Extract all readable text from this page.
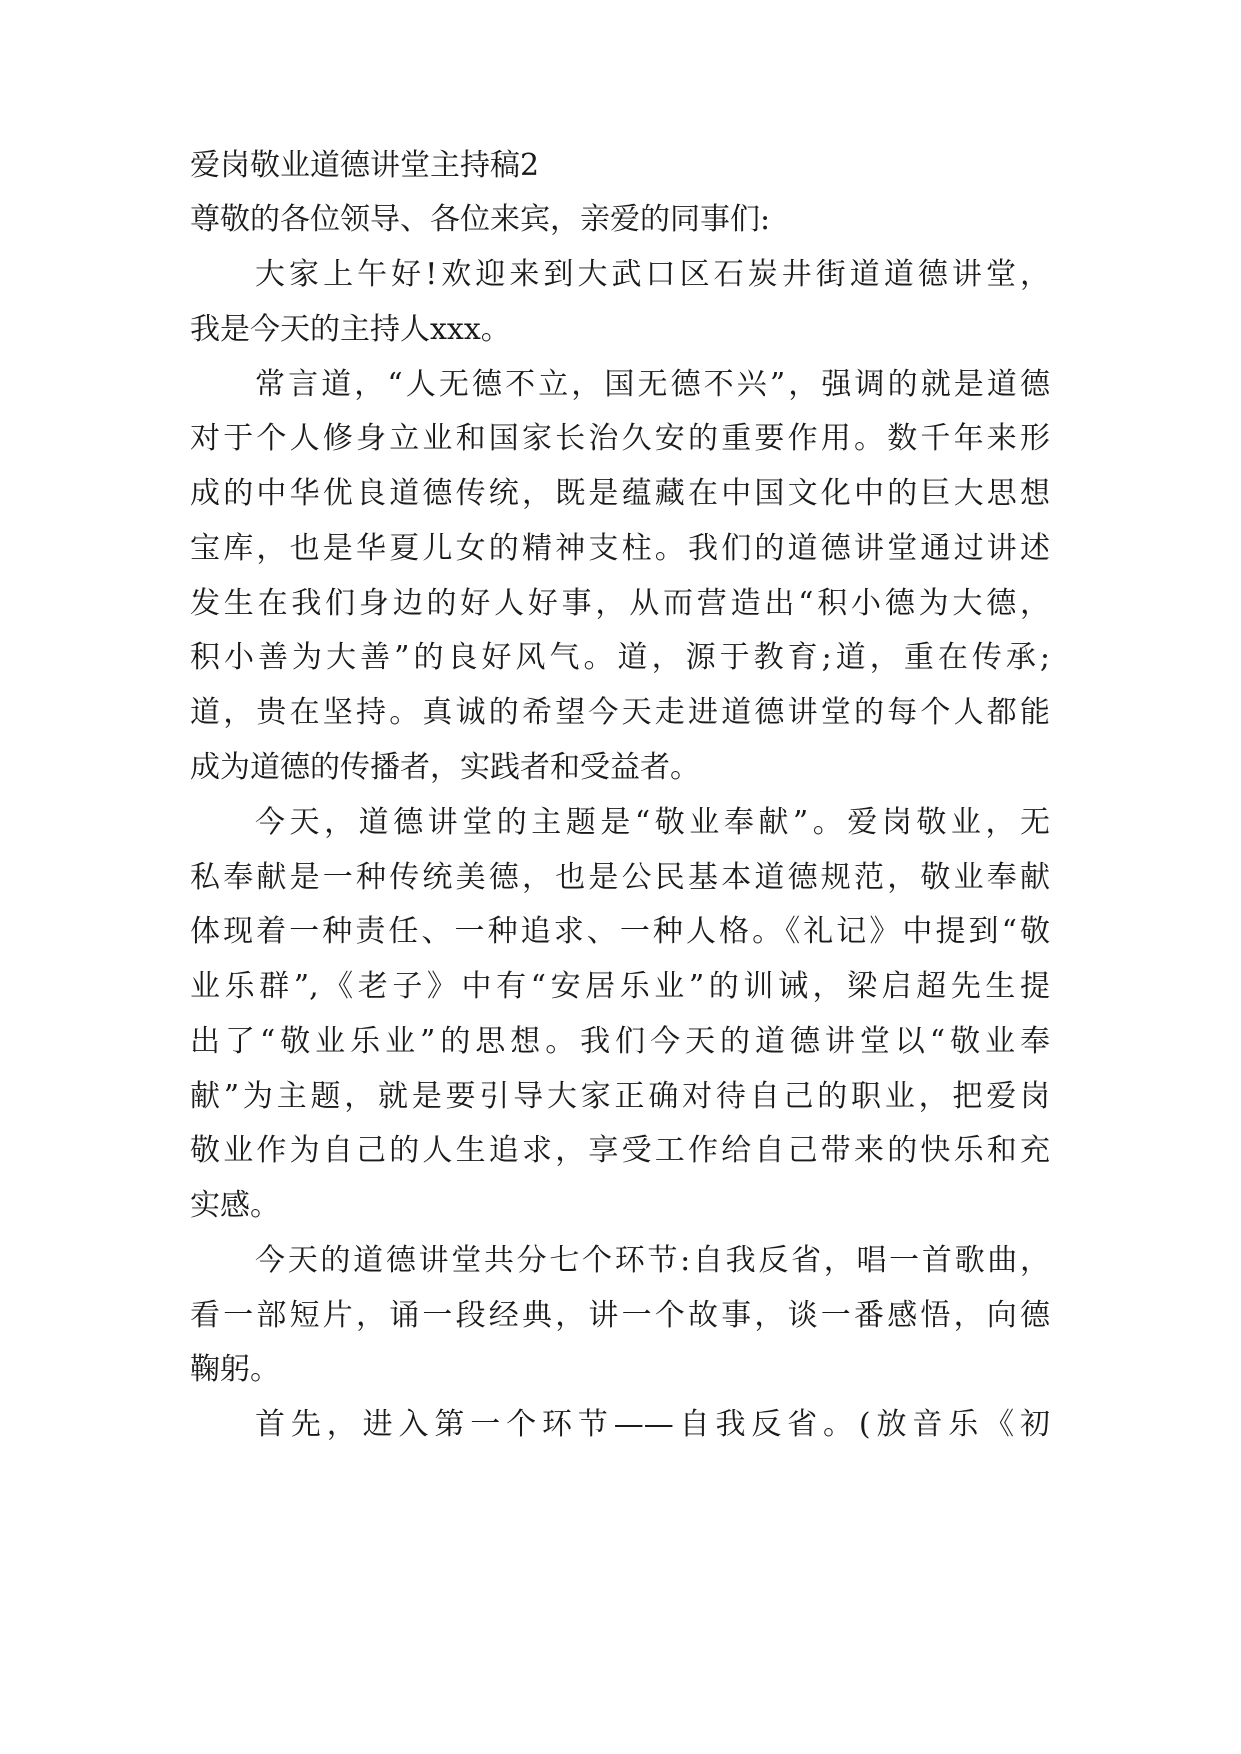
爱岗敬业道德讲堂主持稿2
尊敬的各位领导、各位来宾，亲爱的同事们:
大家上午好!欢迎来到大武口区石炭井街道道德讲堂，
我是今天的主持人xxx。
常言道，“人无德不立，国无德不兴”，强调的就是道德
对于个人修身立业和国家长治久安的重要作用。数千年来形
成的中华优良道德传统，既是蕴藏在中国文化中的巨大思想
宝库，也是华夏儿女的精神支柱。我们的道德讲堂通过讲述
发生在我们身边的好人好事，从而营造出“积小德为大德，
积小善为大善”的良好风气。道，源于教育;道，重在传承;
道，贵在坚持。真诚的希望今天走进道德讲堂的每个人都能
成为道德的传播者，实践者和受益者。
今天，道德讲堂的主题是“敬业奉献”。爱岗敬业，无
私奉献是一种传统美德，也是公民基本道德规范，敬业奉献
体现着一种责任、一种追求、一种人格。《礼记》中提到“敬
业乐群”,《老子》中有“安居乐业”的训诫，梁启超先生提
出了“敬业乐业”的思想。我们今天的道德讲堂以“敬业奉
献”为主题，就是要引导大家正确对待自己的职业，把爱岗
敬业作为自己的人生追求，享受工作给自己带来的快乐和充
实感。
今天的道德讲堂共分七个环节:自我反省，唱一首歌曲，
看一部短片，诵一段经典，讲一个故事，谈一番感悟，向德
鞠躬。
首先，进入第一个环节——自我反省。(放音乐《初
